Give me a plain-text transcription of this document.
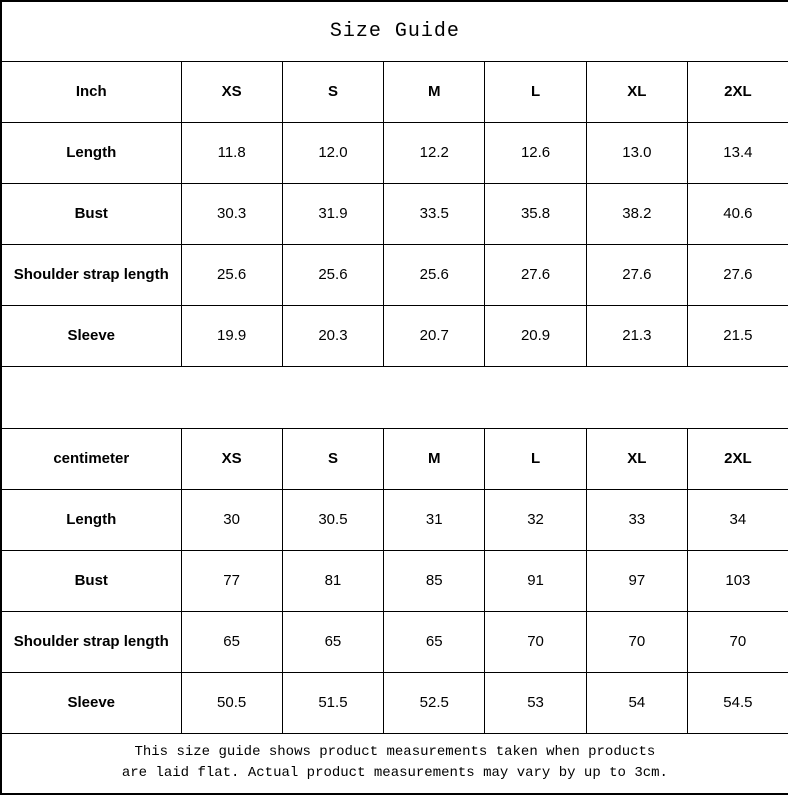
Size Guide						
Inch	XS	S	M	L	XL	2XL
Length	11.8	12.0	12.2	12.6	13.0	13.4
Bust	30.3	31.9	33.5	35.8	38.2	40.6
Shoulder strap length	25.6	25.6	25.6	27.6	27.6	27.6
Sleeve	19.9	20.3	20.7	20.9	21.3	21.5

centimeter	XS	S	M	L	XL	2XL
Length	30	30.5	31	32	33	34
Bust	77	81	85	91	97	103
Shoulder strap length	65	65	65	70	70	70
Sleeve	50.5	51.5	52.5	53	54	54.5

This size guide shows product measurements taken when products
are laid flat. Actual product measurements may vary by up to 3cm.						
